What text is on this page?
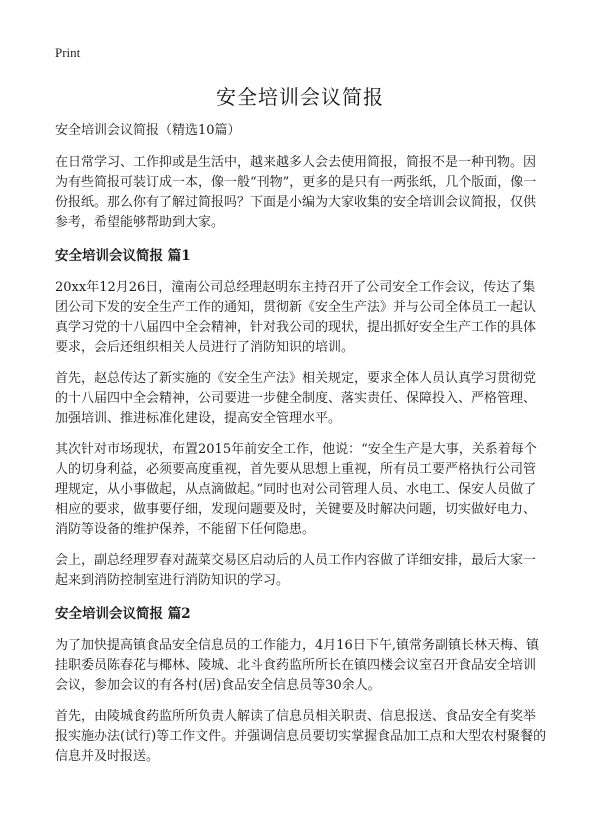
Print
安全培训会议简报

安全培训会议简报（精选10篇）

在日常学习、工作抑或是生活中，越来越多人会去使用简报，简报不是一种刊物。因为有些简报可装订成一本，像一般“刊物”，更多的是只有一两张纸，几个版面，像一份报纸。那么你有了解过简报吗？下面是小编为大家收集的安全培训会议简报，仅供参考，希望能够帮助到大家。

安全培训会议简报 篇1

20xx年12月26日，潼南公司总经理赵明东主持召开了公司安全工作会议，传达了集团公司下发的安全生产工作的通知，贯彻新《安全生产法》并与公司全体员工一起认真学习党的十八届四中全会精神，针对我公司的现状，提出抓好安全生产工作的具体要求，会后还组织相关人员进行了消防知识的培训。

首先，赵总传达了新实施的《安全生产法》相关规定，要求全体人员认真学习贯彻党的十八届四中全会精神，公司要进一步健全制度、落实责任、保障投入、严格管理、加强培训、推进标准化建设，提高安全管理水平。

其次针对市场现状，布置2015年前安全工作，他说：“安全生产是大事，关系着每个人的切身利益，必须要高度重视，首先要从思想上重视，所有员工要严格执行公司管理规定，从小事做起，从点滴做起。”同时也对公司管理人员、水电工、保安人员做了相应的要求，做事要仔细，发现问题要及时，关键要及时解决问题，切实做好电力、消防等设备的维护保养，不能留下任何隐患。

会上，副总经理罗春对蔬菜交易区启动后的人员工作内容做了详细安排，最后大家一起来到消防控制室进行消防知识的学习。

安全培训会议简报 篇2

为了加快提高镇食品安全信息员的工作能力，4月16日下午,镇常务副镇长林天梅、镇挂职委员陈春花与椰林、陵城、北斗食药监所所长在镇四楼会议室召开食品安全培训会议，参加会议的有各村(居)食品安全信息员等30余人。

首先，由陵城食药监所所负责人解读了信息员相关职责、信息报送、食品安全有奖举报实施办法(试行)等工作文件。并强调信息员要切实掌握食品加工点和大型农村聚餐的信息并及时报送。
